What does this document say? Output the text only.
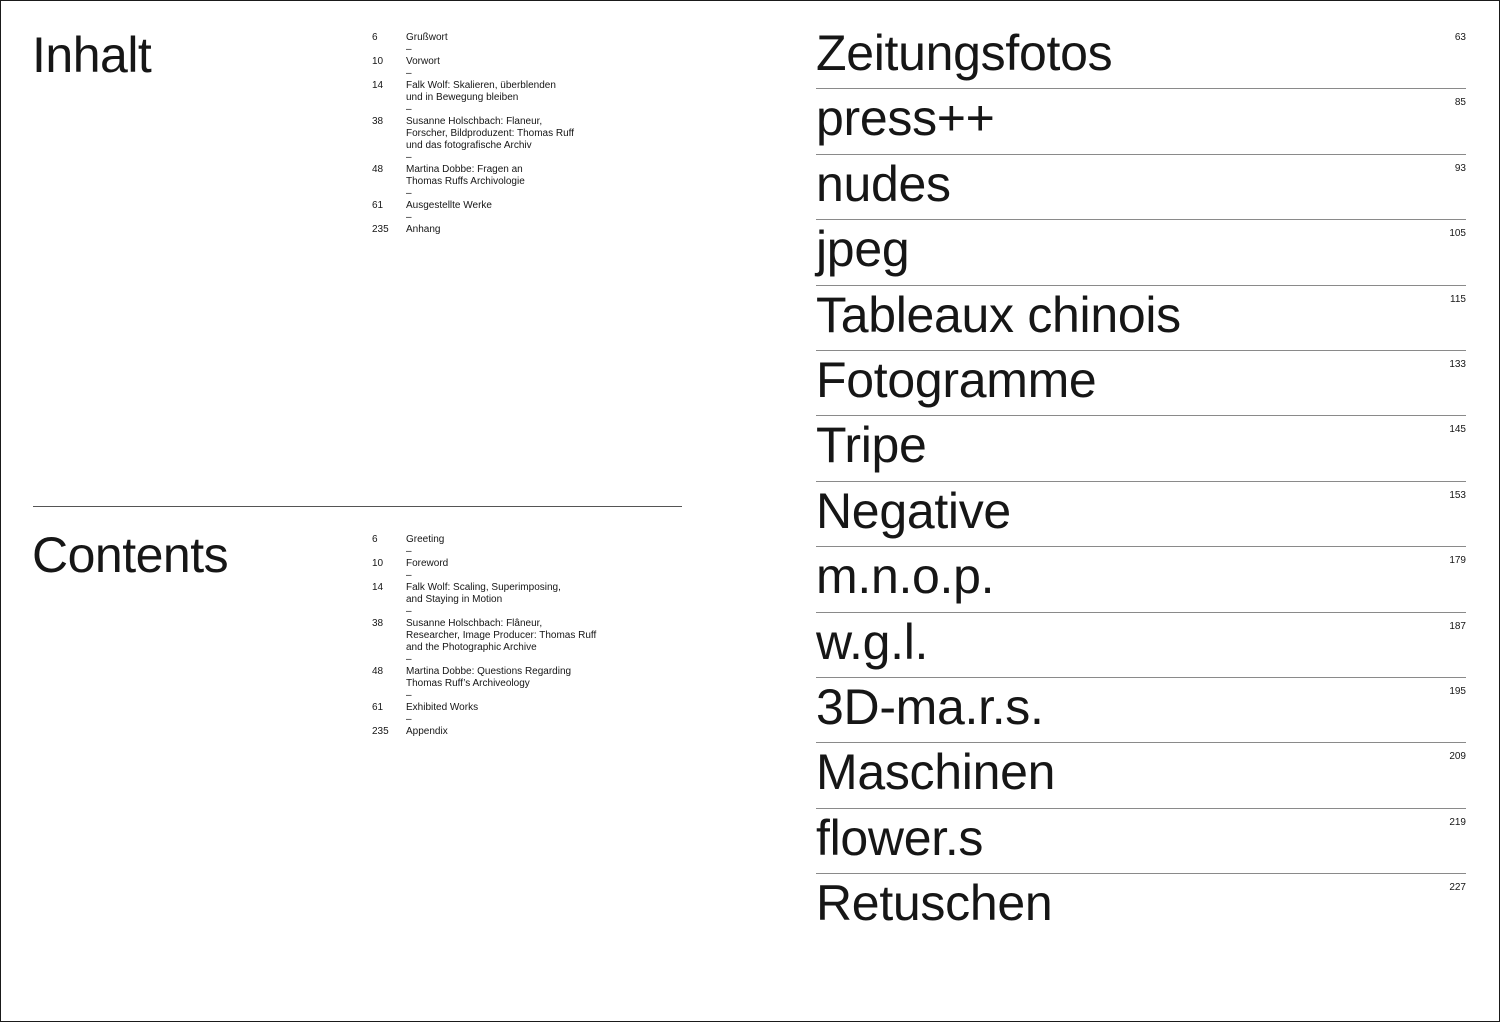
Inhalt	6	Grußwort
–
10	Vorwort
–
14	Falk Wolf: Skalieren, überblenden
und in Bewegung bleiben
–
38	Susanne Holschbach: Flaneur,
Forscher, Bildproduzent: Thomas Ruff
und das fotografische Archiv
–
48	Martina Dobbe: Fragen an
Thomas Ruffs Archivologie
–
61	Ausgestellte Werke
–
235	Anhang
Contents	6	Greeting
–
10	Foreword
–
14	Falk Wolf: Scaling, Superimposing,
and Staying in Motion
–
38	Susanne Holschbach: Flâneur,
Researcher, Image Producer: Thomas Ruff
and the Photographic Archive
–
48	Martina Dobbe: Questions Regarding
Thomas Ruff’s Archiveology
–
61	Exhibited Works
–
235	Appendix
Zeitungsfotos	63
press++	85
nudes	93
jpeg	105
Tableaux chinois	115
Fotogramme	133
Tripe	145
Negative	153
m.n.o.p.	179
w.g.l.	187
3D-ma.r.s.	195
Maschinen	209
flower.s	219
Retuschen	227
